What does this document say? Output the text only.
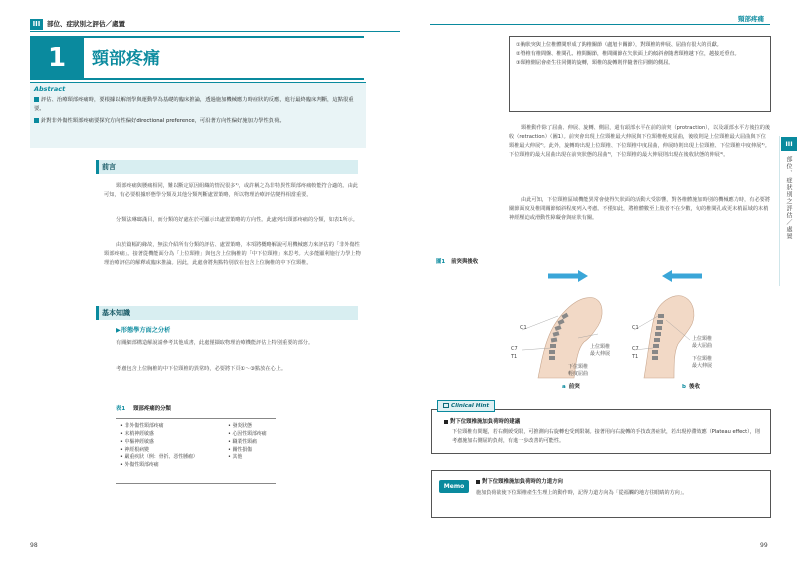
III	部位、症狀別之評估／處置
1	頸部疼痛
Abstract
評估、治療頸部疼痛時，要根據以解剖學與運動學為基礎的臨床推論，透過施加機械應力時症狀的反應，進行最終臨床判斷，這點很重要。
針對非外傷性頸部疼痛要探究方向性偏好directional preference，可沿著方向性偏好施加力學性負荷。
前言
頸部疼痛與腰痛相同，難以斷定原因組織的情況很多¹⁾，或許稱之為非特異性頸部疼痛較能符合適的。由此可知，有必要根據形態學分類及其他分類判斷處置策略，所以物理治療評估變得相當重要。
分類法琳瑯滿目，而分類的好處在於可顯示出處置策略的方向性。此處列出頸部疼痛的分類，如表1所示。
由於篇幅的緣故，無法介紹所有分類的評估、處置策略，本項將概略解說可用機械應力來評估的「非外傷性頸部疼痛」。接著從機能面分為「上位頸椎」與包含上位胸椎的「中下位頸椎」來思考。大多能顯利施行力學上物理治療評估的解釋或臨床推論。因此，此處會將焦點特別放在包含上位胸椎的中下位頸椎。
基本知識
▶形態學方面之分析
有關細部構造解說請參考其他成書，此處僅擷取物理治療機能評估上特別重要的部分。
考慮包含上位胸椎的中下位頸椎的異常時，必要將下頁①～③點放在心上。
表1 頸部疼痛的分類
• 非外傷性頸部疼痛
• 末梢神經敏感
• 中樞神經敏感
• 神經根病變
• 嚴重疾狀（例：骨折、惡性腫瘤）
• 外傷性頸部疼痛
• 發炎狀態
• 心因性頸部疼痛
• 職業性頸痛
• 關性損傷
• 其他
98
頸部疼痛
III
部位、症狀別之評估／處置
①胸狀突與上位椎體間形成了鈎椎關節（盧旭卡關節），對頸椎的伸展、屈曲有很大的貢獻。
②脊椎有椎間盤、椎間孔、椎間關節，椎間關節在矢狀面上的傾斜會隨著頸椎越下位，越接近垂直。
③頸椎側屈會產生往同側的旋轉，頸椎的旋轉則伴隨著往同側的側屈。
頸椎動作除了屈曲、伸展、旋轉、側屈，還有頭部水平在前的前突（protraction），以及頭部水平方後拉的後收（retraction）（圖1）。前突會出現上位頸椎最大伸展與下位頸椎輕度屈曲，後收則是上位頸椎最大屈曲與下位頸椎最大伸展²⁾。此外，旋轉時出現上位頸椎、下位頸椎中度屈曲，伸展時則出現上位頸椎、下位頸椎中度伸展³⁾。下位頸椎的最大屈曲出現在前突狀態的屈曲³⁾，下位頸椎的最大伸展則出現在後收狀態的伸展⁴⁾。
由此可知，下位頸椎區域機能異常會使得矢狀面的活動大受影響，對各椎體施加時別的機械應力時，有必要將關節面度及椎間關節傾斜程度列入考慮。不僅如此，將椎體數至上肢者不在少數，旬的椎間孔或更末梢區域的末梢神經壓迫或滑動性障礙會與症狀有關。
圖1 前突與後收
C1
C7
T1
上位頸椎
最大伸展
下位頸椎
輕度屈曲
a 前突
C1
C7
T1
上位頸椎
最大屈曲
下位頸椎
最大伸展
b 後收
Clinical Hint
對下位頸椎施加負荷時的建議
下位頸椎有問題，若右側緩受限，可推測向右旋轉也受到限制。接著用向右旋轉的手技改善症狀，若出現停滯效應（Plateau effect），則考慮施加右側屈的負荷，有進一步改善的可能性。
Memo
對下位頸椎施加負荷時的力道方向
施加負荷欲使下位頸椎產生生理上的動作時，記得力道方向為「從福觸的地方往眼睛的方向」。
99
